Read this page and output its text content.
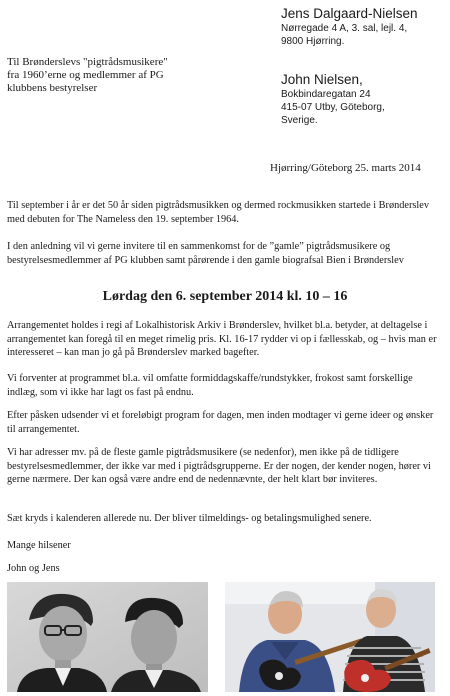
Jens Dalgaard-Nielsen
Nørregade 4 A, 3. sal, lejl. 4,
9800 Hjørring.
John Nielsen,
Bokbindaregatan 24
415-07 Utby, Göteborg,
Sverige.
Til Brønderslevs "pigtrådsmusikere"
fra 1960’erne og medlemmer af PG
klubbens bestyrelser
Hjørring/Göteborg 25. marts 2014

Til september i år er det 50 år siden pigtrådsmusikken og dermed rockmusikken startede i Brønderslev med debuten for The Nameless den 19. september 1964.

I den anledning vil vi gerne invitere til en sammenkomst for de ”gamle” pigtrådsmusikere og bestyrelsesmedlemmer af PG klubben samt pårørende i den gamle biografsal Bien i Brønderslev

Lørdag den 6. september 2014 kl. 10 – 16

Arrangementet holdes i regi af Lokalhistorisk Arkiv i Brønderslev, hvilket bl.a. betyder, at deltagelse i arrangementet kan foregå til en meget rimelig pris. Kl. 16-17 rydder vi op i fællesskab, og – hvis man er interesseret – kan man jo gå på Brønderslev marked bagefter.

Vi forventer at programmet bl.a. vil omfatte formiddagskaffe/rundstykker, frokost samt forskellige indlæg, som vi ikke har lagt os fast på endnu.

Efter påsken udsender vi et foreløbigt program for dagen, men inden modtager vi gerne ideer og ønsker til arrangementet.

Vi har adresser mv. på de fleste gamle pigtrådsmusikere (se nedenfor), men ikke på de tidligere bestyrelsesmedlemmer, der ikke var med i pigtrådsgrupperne. Er der nogen, der kender nogen, hører vi gerne nærmere. Der kan også være andre end de nedennævnte, der helt klart bør inviteres.

Sæt kryds i kalenderen allerede nu. Der bliver tilmeldings- og betalingsmulighed senere.

Mange hilsener

John og Jens
